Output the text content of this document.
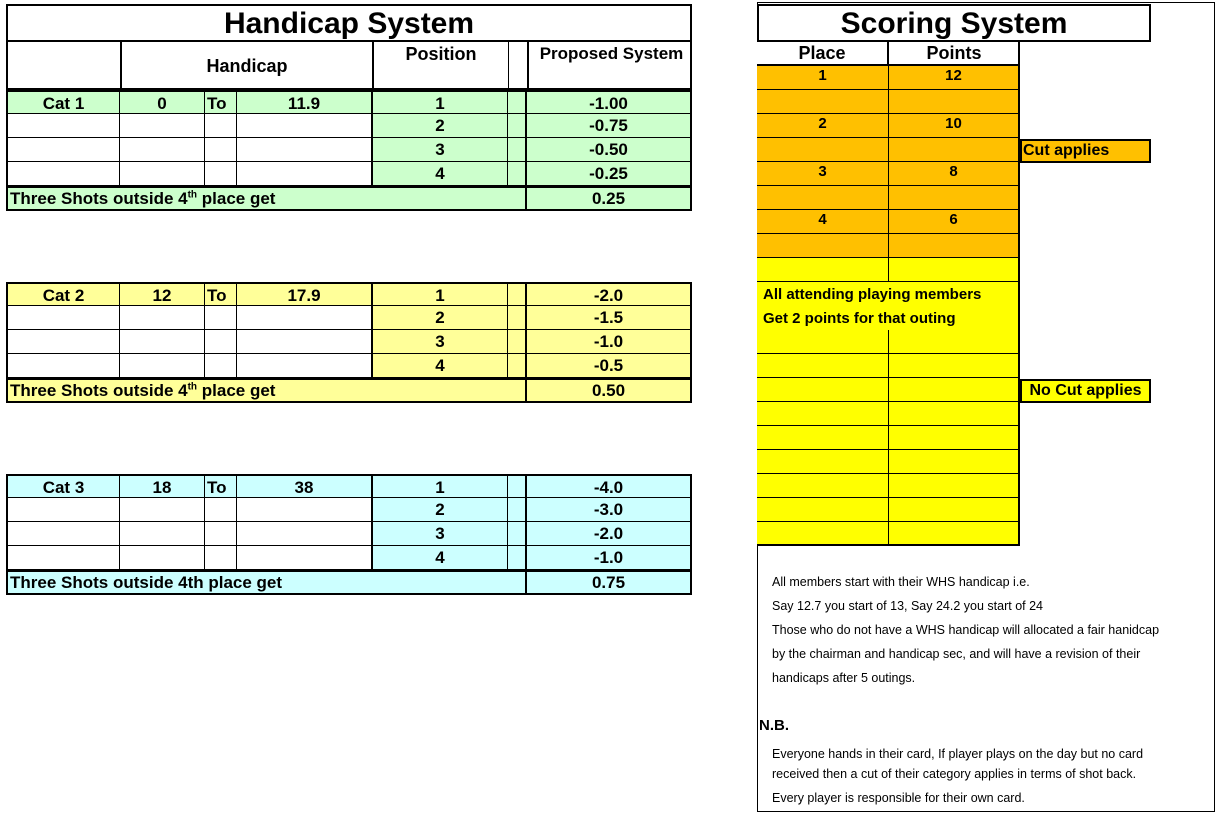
Handicap System
Handicap
Position	Proposed System
Cat 1	0	To	11.9	1	-1.00
2	-0.75
3	-0.50
4	-0.25
Three Shots outside 4th place get	0.25
Cat 2	12	To	17.9	1	-2.0
2	-1.5
3	-1.0
4	-0.5
Three Shots outside 4th place get	0.50
Cat 3	18	To	38	1	-4.0
2	-3.0
3	-2.0
4	-1.0
Three Shots outside 4th place get	0.75
Scoring System
Place	Points
1	12
2	10
3	8
4	6
Cut applies
All attending playing members
Get 2 points for that outing
No Cut applies
All members start with their WHS handicap i.e.
Say 12.7 you start of 13, Say 24.2 you start of 24
Those who do not have a WHS handicap will allocated a fair hanidcap
by the chairman and handicap sec, and will have a revision of their
handicaps after 5 outings.
N.B.
Everyone hands in their card, If player plays on the day but no card
received then a cut of their category applies in terms of shot back.
Every player is responsible for their own card.
